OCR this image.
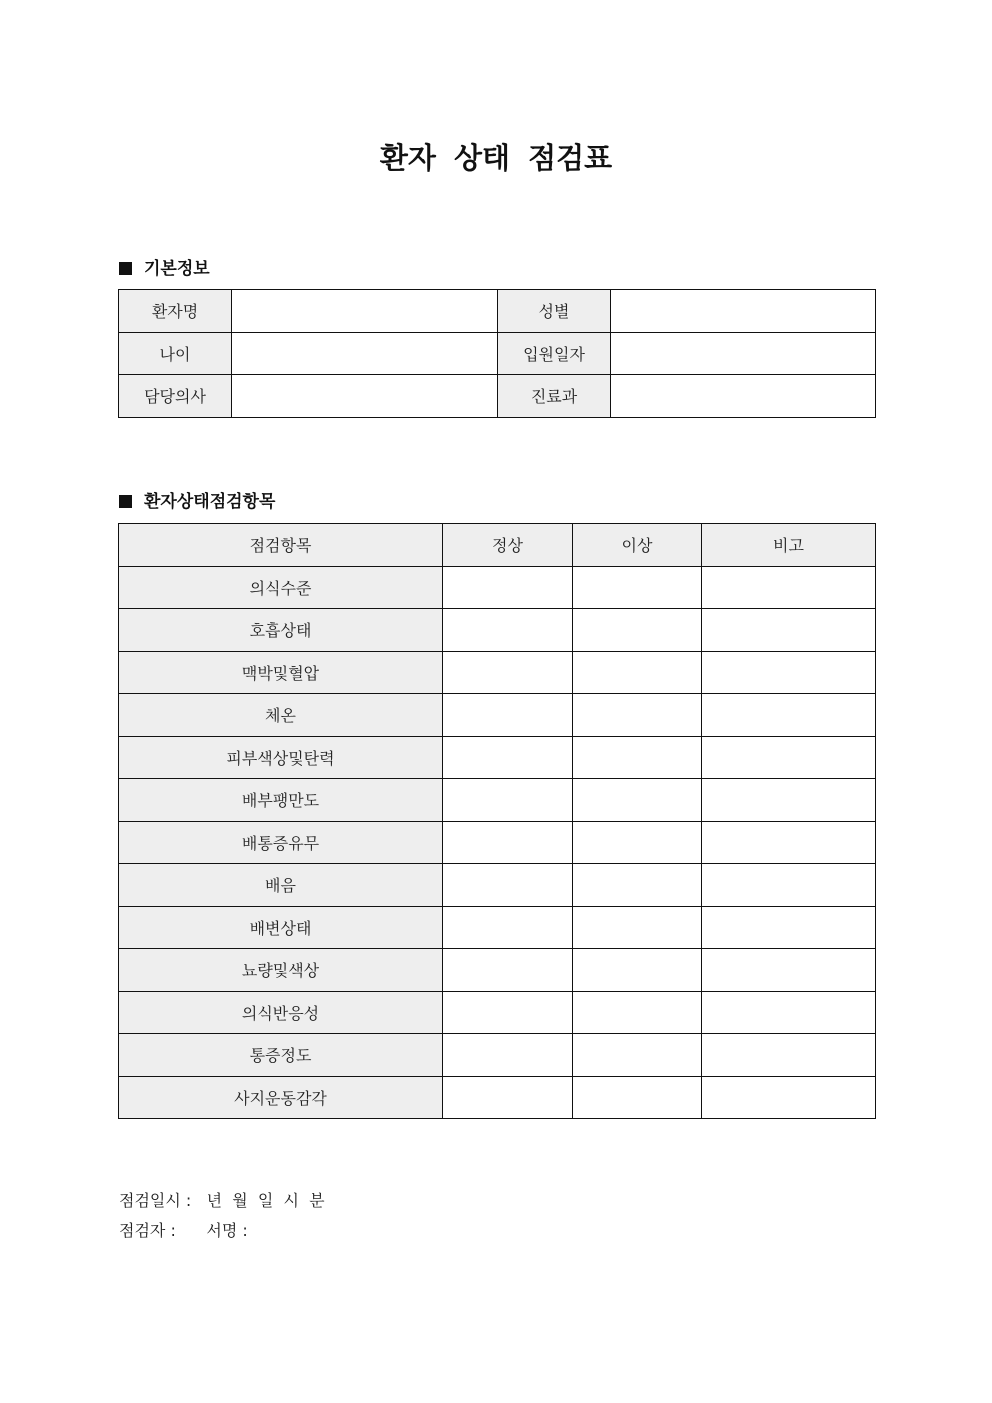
환자 상태 점검표
기본정보
환자명		성별	
나이		입원일자	
담당의사		진료과	
환자상태점검항목
점검항목	정상	이상	비고
의식수준			
호흡상태			
맥박및혈압			
체온			
피부색상및탄력			
배부팽만도			
배통증유무			
배음			
배변상태			
뇨량및색상			
의식반응성			
통증정도			
사지운동감각			
점검일시 : 년  월  일  시  분
점검자 : 서명 :
